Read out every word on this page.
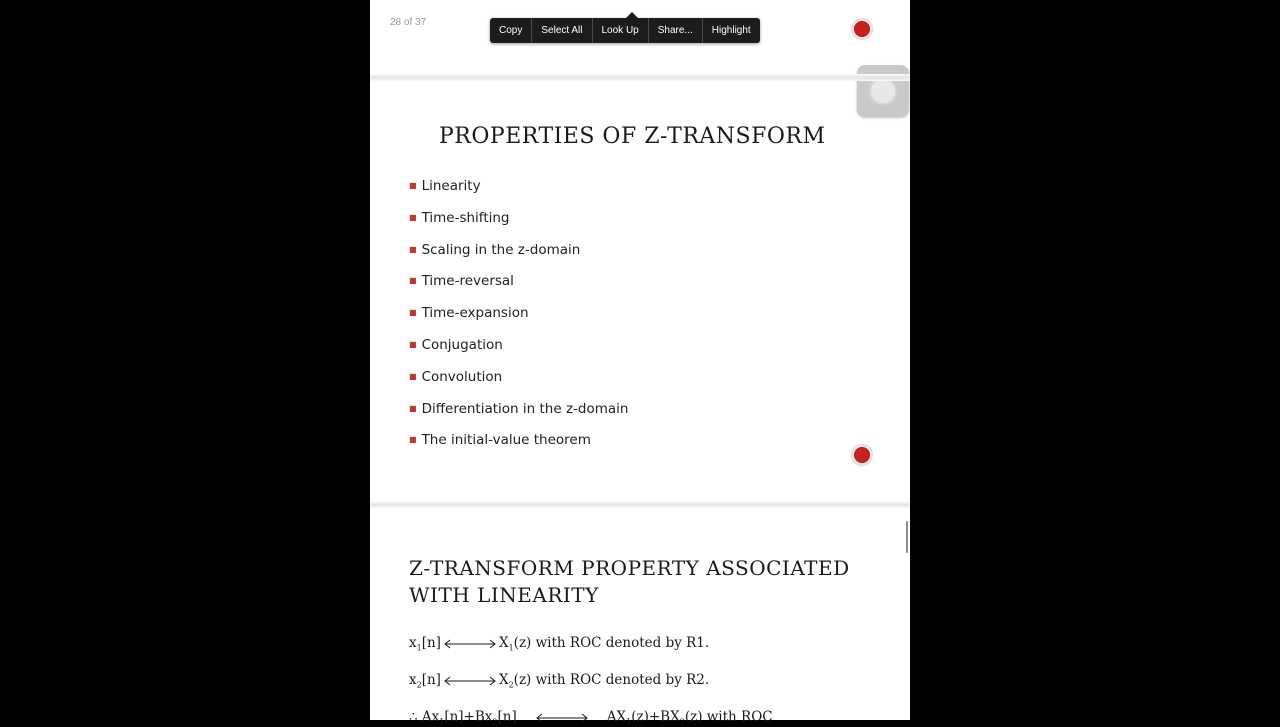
28 of 37
Copy	Select All	Look Up	Share...	Highlight
PROPERTIES OF Z-TRANSFORM
■ Linearity
■ Time-shifting
■ Scaling in the z-domain
■ Time-reversal
■ Time-expansion
■ Conjugation
■ Convolution
■ Differentiation in the z-domain
■ The initial-value theorem
Z-TRANSFORM PROPERTY ASSOCIATED
WITH LINEARITY
$x_1[n]$	$X_1(z)$ with ROC denoted by R1.
$x_2[n]$	$X_2(z)$ with ROC denoted by R2.
∴ $Ax_1[n]+Bx_2[n]$	$AX_1(z)+BX_2(z)$ with ROC
